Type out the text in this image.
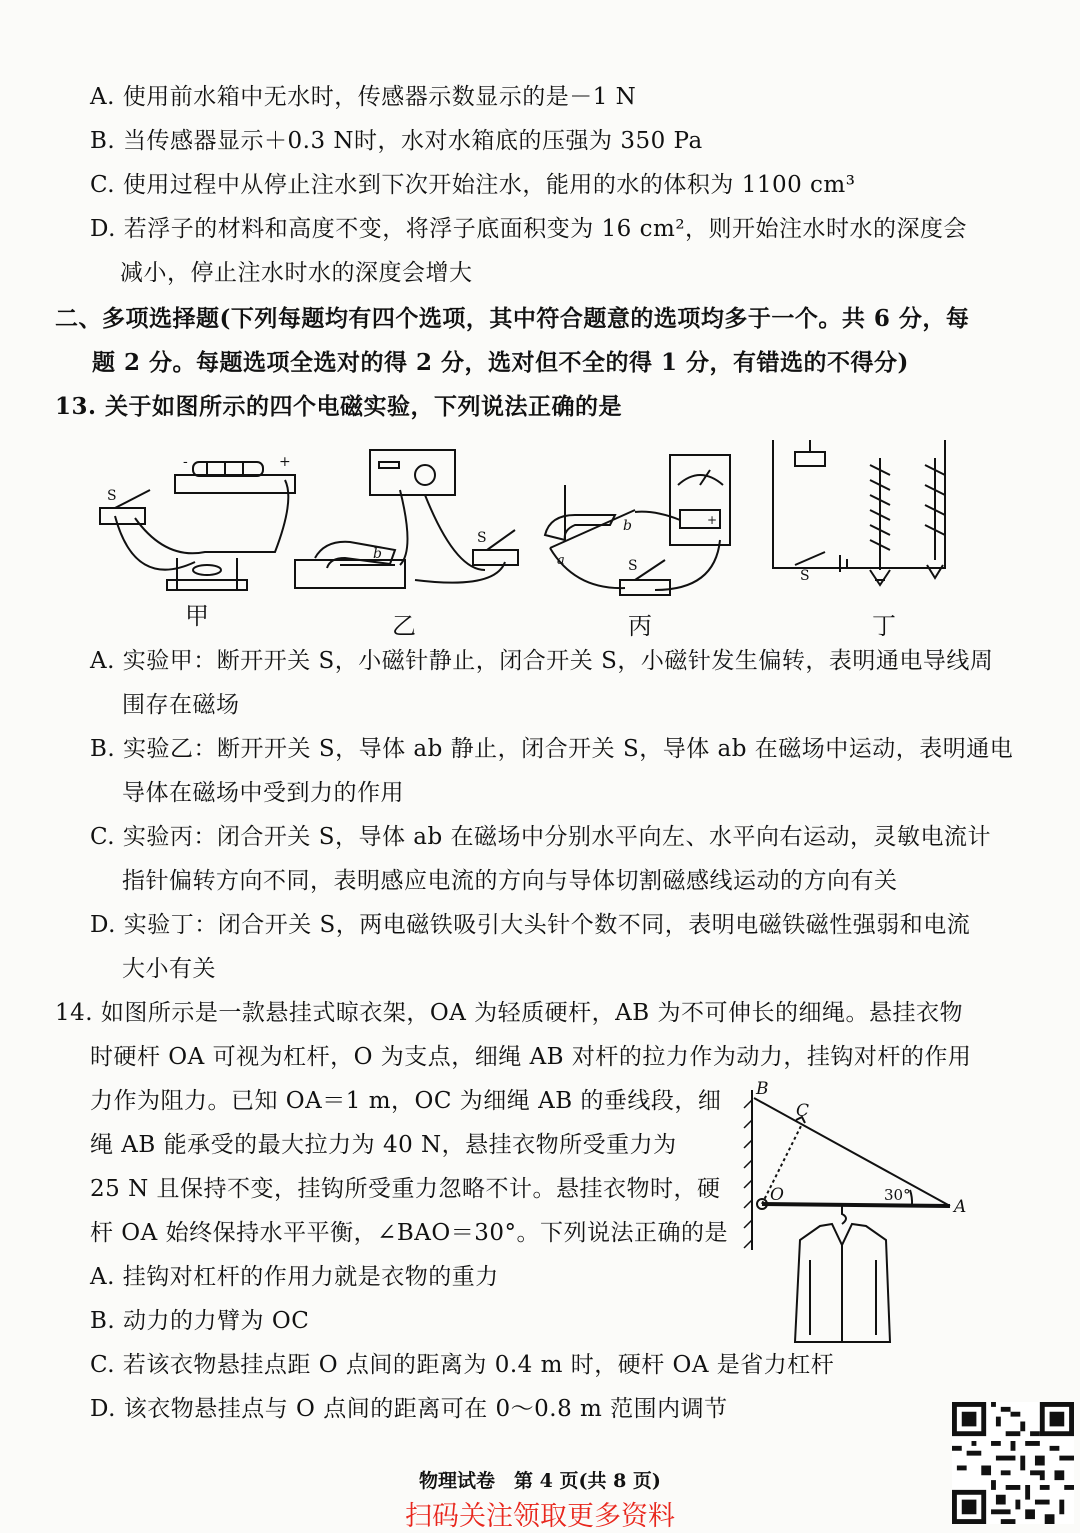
A. 使用前水箱中无水时，传感器示数显示的是－1 N
B. 当传感器显示＋0.3 N时，水对水箱底的压强为 350 Pa
C. 使用过程中从停止注水到下次开始注水，能用的水的体积为 1100 cm³
D. 若浮子的材料和高度不变，将浮子底面积变为 16 cm²，则开始注水时水的深度会
减小，停止注水时水的深度会增大
二、多项选择题(下列每题均有四个选项，其中符合题意的选项均多于一个。共 6 分，每
题 2 分。每题选项全选对的得 2 分，选对但不全的得 1 分，有错选的不得分)
13. 关于如图所示的四个电磁实验，下列说法正确的是
-	+
S
b
S
+
a
b
S
S
甲	乙	丙	丁
A. 实验甲：断开开关 S，小磁针静止，闭合开关 S，小磁针发生偏转，表明通电导线周
围存在磁场
B. 实验乙：断开开关 S，导体 ab 静止，闭合开关 S，导体 ab 在磁场中运动，表明通电
导体在磁场中受到力的作用
C. 实验丙：闭合开关 S，导体 ab 在磁场中分别水平向左、水平向右运动，灵敏电流计
指针偏转方向不同，表明感应电流的方向与导体切割磁感线运动的方向有关
D. 实验丁：闭合开关 S，两电磁铁吸引大头针个数不同，表明电磁铁磁性强弱和电流
大小有关
14. 如图所示是一款悬挂式晾衣架，OA 为轻质硬杆，AB 为不可伸长的细绳。悬挂衣物
时硬杆 OA 可视为杠杆，O 为支点，细绳 AB 对杆的拉力作为动力，挂钩对杆的作用
力作为阻力。已知 OA＝1 m，OC 为细绳 AB 的垂线段，细
绳 AB 能承受的最大拉力为 40 N，悬挂衣物所受重力为
25 N 且保持不变，挂钩所受重力忽略不计。悬挂衣物时，硬
杆 OA 始终保持水平平衡，∠BAO＝30°。下列说法正确的是
A. 挂钩对杠杆的作用力就是衣物的重力
B. 动力的力臂为 OC
C. 若该衣物悬挂点距 O 点间的距离为 0.4 m 时，硬杆 OA 是省力杠杆
D. 该衣物悬挂点与 O 点间的距离可在 0～0.8 m 范围内调节
B
C
O
A
30°
物理试卷　第 4 页(共 8 页)
扫码关注领取更多资料
